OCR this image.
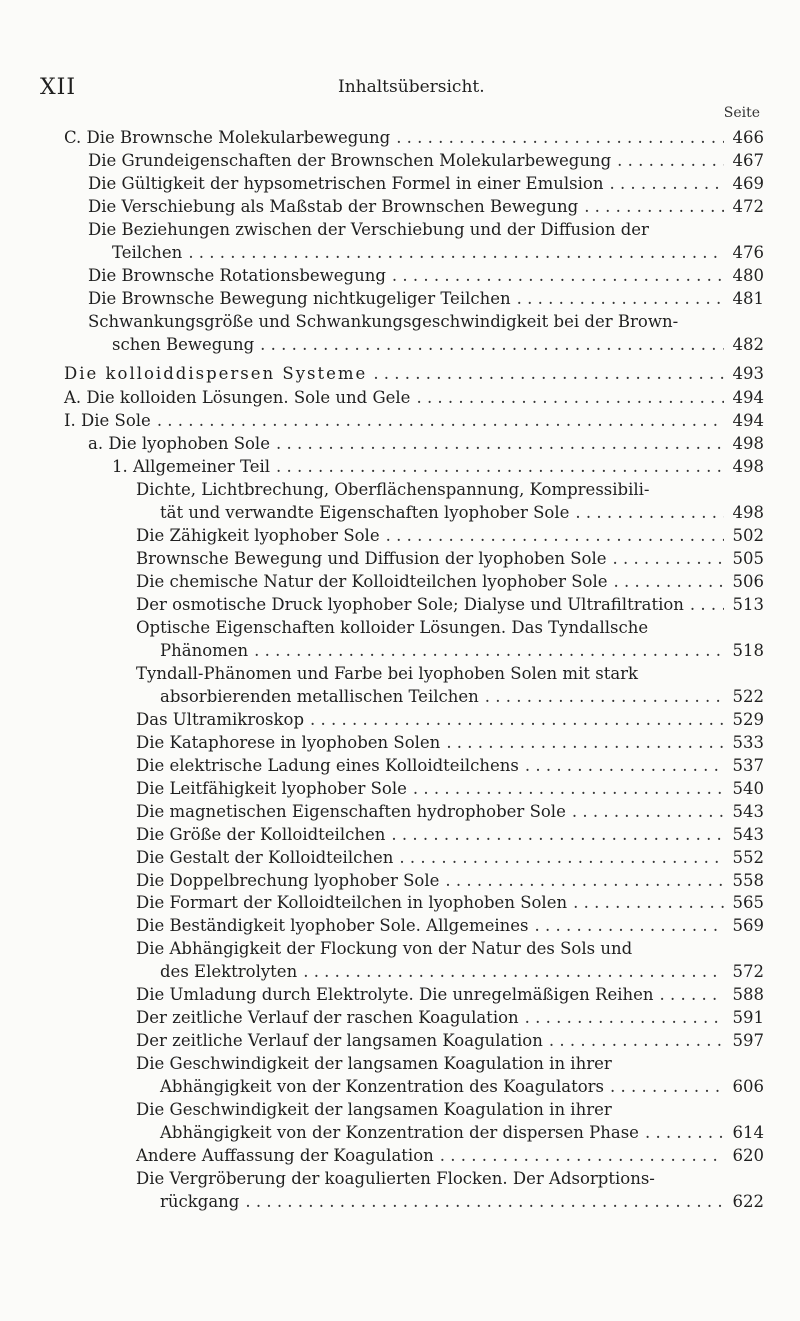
XII	Inhaltsübersicht.
Seite
C. Die Brownsche Molekularbewegung . . .	466
Die Grundeigenschaften der Brownschen Molekularbewegung . . .	467
Die Gültigkeit der hypsometrischen Formel in einer Emulsion . . .	469
Die Verschiebung als Maßstab der Brownschen Bewegung . . .	472
Die Beziehungen zwischen der Verschiebung und der Diffusion der
Teilchen . . .	476
Die Brownsche Rotationsbewegung . . .	480
Die Brownsche Bewegung nichtkugeliger Teilchen . . .	481
Schwankungsgröße und Schwankungsgeschwindigkeit bei der Brown-
schen Bewegung . . .	482
Die kolloiddispersen Systeme . . .	493
A. Die kolloiden Lösungen. Sole und Gele . . .	494
I. Die Sole . . .	494
a. Die lyophoben Sole . . .	498
1. Allgemeiner Teil . . .	498
Dichte, Lichtbrechung, Oberflächenspannung, Kompressibili-
tät und verwandte Eigenschaften lyophober Sole . . .	498
Die Zähigkeit lyophober Sole . . .	502
Brownsche Bewegung und Diffusion der lyophoben Sole . . .	505
Die chemische Natur der Kolloidteilchen lyophober Sole . . .	506
Der osmotische Druck lyophober Sole; Dialyse und Ultrafiltration . . .	513
Optische Eigenschaften kolloider Lösungen. Das Tyndallsche
Phänomen . . .	518
Tyndall-Phänomen und Farbe bei lyophoben Solen mit stark
absorbierenden metallischen Teilchen . . .	522
Das Ultramikroskop . . .	529
Die Kataphorese in lyophoben Solen . . .	533
Die elektrische Ladung eines Kolloidteilchens . . .	537
Die Leitfähigkeit lyophober Sole . . .	540
Die magnetischen Eigenschaften hydrophober Sole . . .	543
Die Größe der Kolloidteilchen . . .	543
Die Gestalt der Kolloidteilchen . . .	552
Die Doppelbrechung lyophober Sole . . .	558
Die Formart der Kolloidteilchen in lyophoben Solen . . .	565
Die Beständigkeit lyophober Sole. Allgemeines . . .	569
Die Abhängigkeit der Flockung von der Natur des Sols und
des Elektrolyten . . .	572
Die Umladung durch Elektrolyte. Die unregelmäßigen Reihen . . .	588
Der zeitliche Verlauf der raschen Koagulation . . .	591
Der zeitliche Verlauf der langsamen Koagulation . . .	597
Die Geschwindigkeit der langsamen Koagulation in ihrer
Abhängigkeit von der Konzentration des Koagulators . . .	606
Die Geschwindigkeit der langsamen Koagulation in ihrer
Abhängigkeit von der Konzentration der dispersen Phase . . .	614
Andere Auffassung der Koagulation . . .	620
Die Vergröberung der koagulierten Flocken. Der Adsorptions-
rückgang . . .	622
